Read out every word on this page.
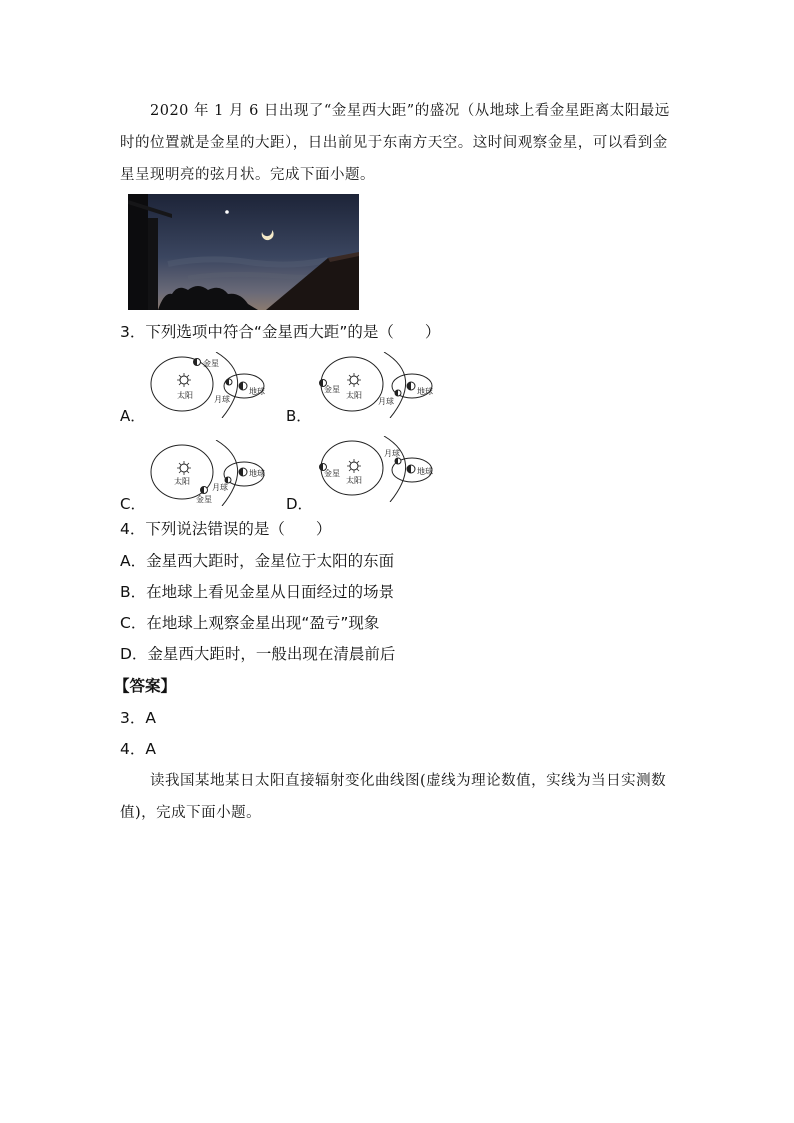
2020 年 1 月 6 日出现了“金星西大距”的盛况（从地球上看金星距离太阳最远时的位置就是金星的大距），日出前见于东南方天空。这时间观察金星，可以看到金星呈现明亮的弦月状。完成下面小题。
3．下列选项中符合“金星西大距”的是（　　）
A．
太阳
金星
地球
月球
B．
太阳
金星	地球
月球
C．
太阳
金星
地球
月球
D．
太阳
金星	地球
月球
4．下列说法错误的是（　　）
A．金星西大距时，金星位于太阳的东面
B．在地球上看见金星从日面经过的场景
C．在地球上观察金星出现“盈亏”现象
D．金星西大距时，一般出现在清晨前后
【答案】
3．A
4．A
读我国某地某日太阳直接辐射变化曲线图(虚线为理论数值，实线为当日实测数值)，完成下面小题。
